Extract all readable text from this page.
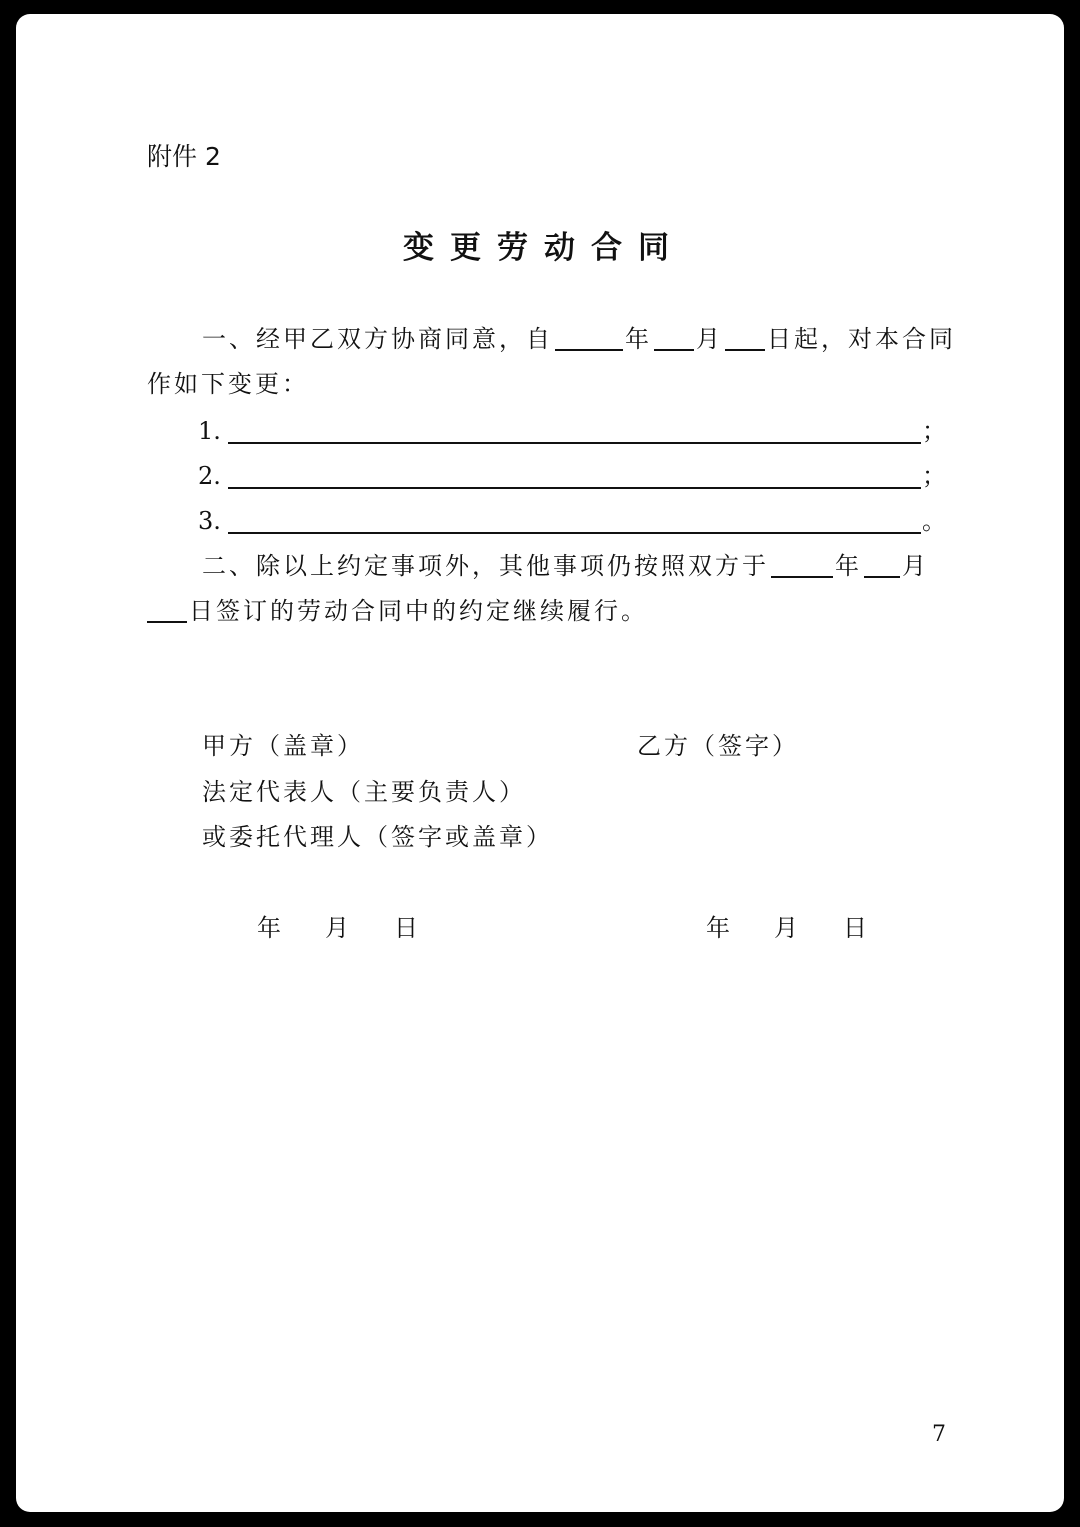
附件 2
变更劳动合同
一、经甲乙双方协商同意，自	年 月 日起，对本合同
作如下变更：
1.	；
2.	；
3.	。
二、除以上约定事项外，其他事项仍按照双方于	年 月
日签订的劳动合同中的约定继续履行。
甲方（盖章）	乙方（签字）
法定代表人（主要负责人）
或委托代理人（签字或盖章）
年 月 日	年 月 日
7
